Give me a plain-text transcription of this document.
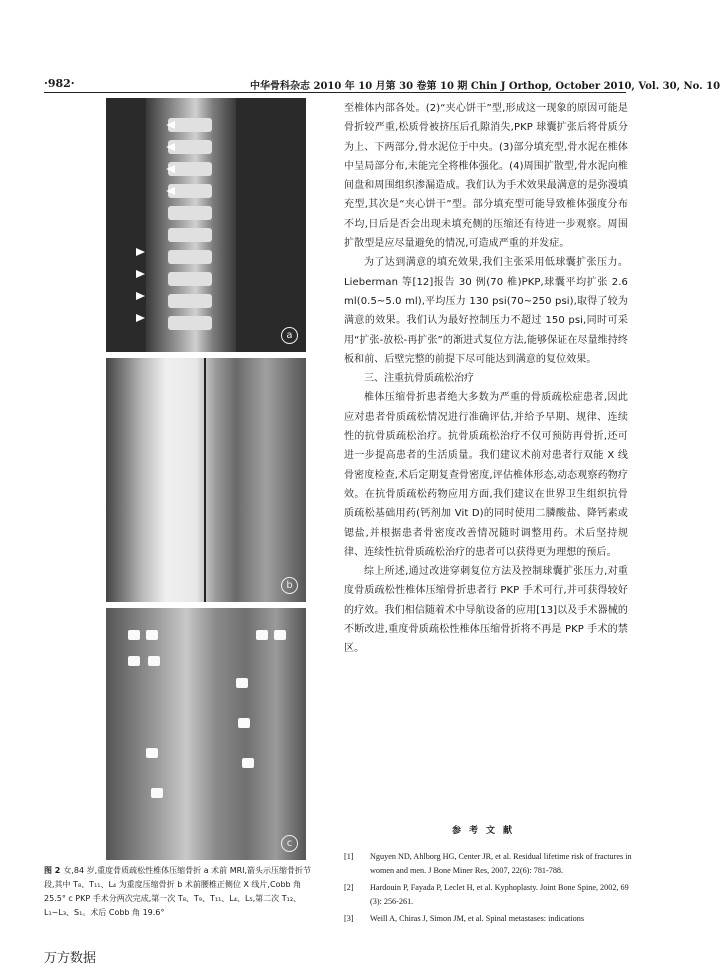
·982·	中华骨科杂志 2010 年 10 月第 30 卷第 10 期 Chin J Orthop, October 2010, Vol. 30, No. 10
a
b
c

图 2 女,84 岁,重度骨质疏松性椎体压缩骨折 a 术前 MRI,箭头示压缩骨折节段,其中 T₈、T₁₁、L₄ 为重度压缩骨折 b 术前腰椎正侧位 X 线片,Cobb 角 25.5° c PKP 手术分两次完成,第一次 T₈、T₉、T₁₁、L₄、L₅,第二次 T₁₂、L₁~L₃、S₁。术后 Cobb 角 19.6°

至椎体内部各处。(2)“夹心饼干”型,形成这一现象的原因可能是骨折较严重,松质骨被挤压后孔隙消失,PKP 球囊扩张后将骨质分为上、下两部分,骨水泥位于中央。(3)部分填充型,骨水泥在椎体中呈局部分布,未能完全将椎体强化。(4)周围扩散型,骨水泥向椎间盘和周围组织渗漏造成。我们认为手术效果最满意的是弥漫填充型,其次是“夹心饼干”型。部分填充型可能导致椎体强度分布不均,日后是否会出现未填充侧的压缩还有待进一步观察。周围扩散型是应尽量避免的情况,可造成严重的并发症。

为了达到满意的填充效果,我们主张采用低球囊扩张压力。Lieberman 等[12]报告 30 例(70 椎)PKP,球囊平均扩张 2.6 ml(0.5~5.0 ml),平均压力 130 psi(70~250 psi),取得了较为满意的效果。我们认为最好控制压力不超过 150 psi,同时可采用“扩张-放松-再扩张”的渐进式复位方法,能够保证在尽量维持终板和前、后壁完整的前提下尽可能达到满意的复位效果。

三、注重抗骨质疏松治疗

椎体压缩骨折患者绝大多数为严重的骨质疏松症患者,因此应对患者骨质疏松情况进行准确评估,并给予早期、规律、连续性的抗骨质疏松治疗。抗骨质疏松治疗不仅可预防再骨折,还可进一步提高患者的生活质量。我们建议术前对患者行双能 X 线骨密度检查,术后定期复查骨密度,评估椎体形态,动态观察药物疗效。在抗骨质疏松药物应用方面,我们建议在世界卫生组织抗骨质疏松基础用药(钙剂加 Vit D)的同时使用二膦酸盐、降钙素或锶盐,并根据患者骨密度改善情况随时调整用药。术后坚持规律、连续性抗骨质疏松治疗的患者可以获得更为理想的预后。

综上所述,通过改进穿刺复位方法及控制球囊扩张压力,对重度骨质疏松性椎体压缩骨折患者行 PKP 手术可行,并可获得较好的疗效。我们相信随着术中导航设备的应用[13]以及手术器械的不断改进,重度骨质疏松性椎体压缩骨折将不再是 PKP 手术的禁区。

参考文献
[1] Nguyen ND, Ahlborg HG, Center JR, et al. Residual lifetime risk of fractures in women and men. J Bone Miner Res, 2007, 22(6): 781-788.
[2] Hardouin P, Fayada P, Leclet H, et al. Kyphoplasty. Joint Bone Spine, 2002, 69 (3): 256-261.
[3] Weill A, Chiras J, Simon JM, et al. Spinal metastases: indications
万方数据
